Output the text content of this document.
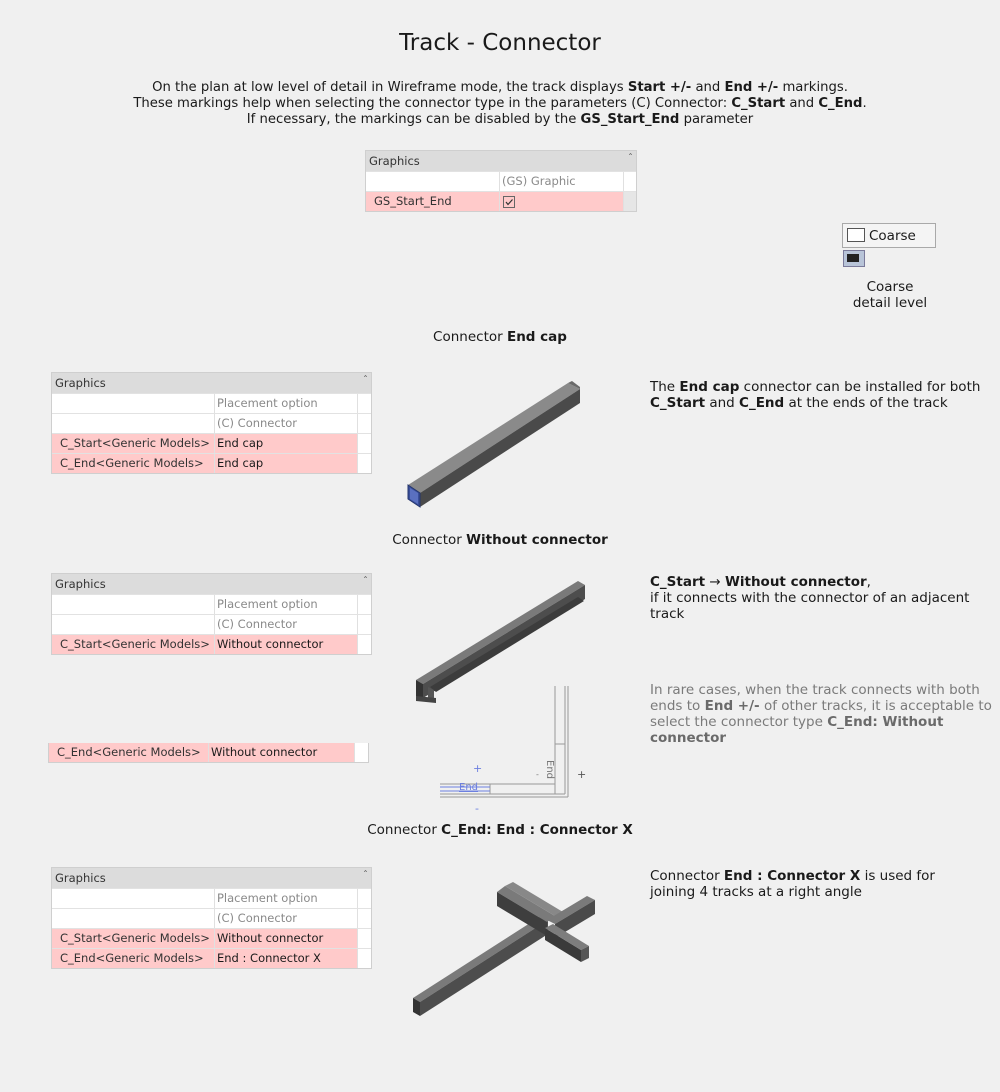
Track - Connector
On the plan at low level of detail in Wireframe mode, the track displays Start +/- and End +/- markings.
These markings help when selecting the connector type in the parameters (C) Connector: C_Start and C_End.
If necessary, the markings can be disabled by the GS_Start_End parameter
Graphics	ˆ
(GS) Graphic
GS_Start_End
Coarse
Coarse
detail level
Connector End cap
Graphics	ˆ
Placement option
(C) Connector
C_Start<Generic Models> End cap
C_End<Generic Models>	End cap
The End cap connector can be installed for both
C_Start and C_End at the ends of the track
Connector Without connector
Graphics	ˆ
Placement option
(C) Connector
C_Start<Generic Models> Without connector
C_End<Generic Models> Without connector
C_Start → Without connector,
if it connects with the connector of an adjacent track
In rare cases, when the track connects with both
ends to End +/- of other tracks, it is acceptable to
select the connector type C_End: Without connector
End
End
+	+
-
-
Connector C_End: End : Connector X
Graphics	ˆ
Placement option
(C) Connector
C_Start<Generic Models> Without connector
C_End<Generic Models>	End : Connector X
Connector End : Connector X is used for
joining 4 tracks at a right angle
